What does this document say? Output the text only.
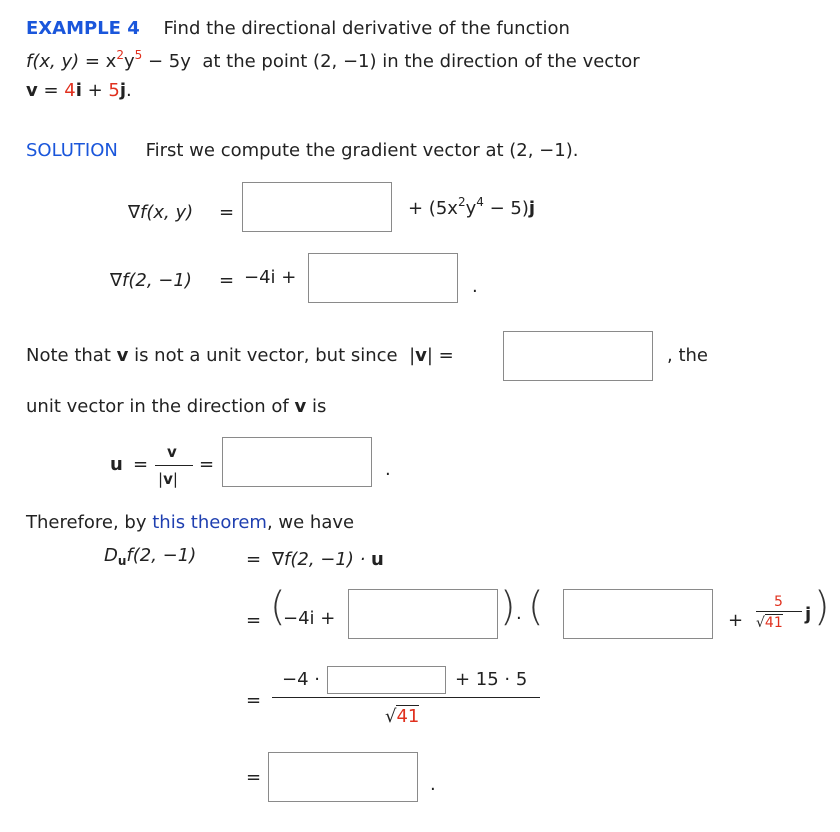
EXAMPLE 4 Find the directional derivative of the function
f(x, $y) = x^2y^5 - 5y$  at the point (2, −1) in the direction of the vector
v = 4i + 5j.
SOLUTION First we compute the gradient vector at (2, −1).
∇f(x, y) =	+ $(5x^2y^4 - 5)j$
∇f(2, −1) = −4i +	.
Note that v is not a unit vector, but since  |v| =	, the
unit vector in the direction of v is
u =
v
|v|
=	.
Therefore, by this theorem, we have
$D_uf(2$, −1)	= ∇f(2, −1) · u
= (
−4i +	) · (	+
5
√41 j )
=
−4 ·	+ 15 · 5
√41
=	.
